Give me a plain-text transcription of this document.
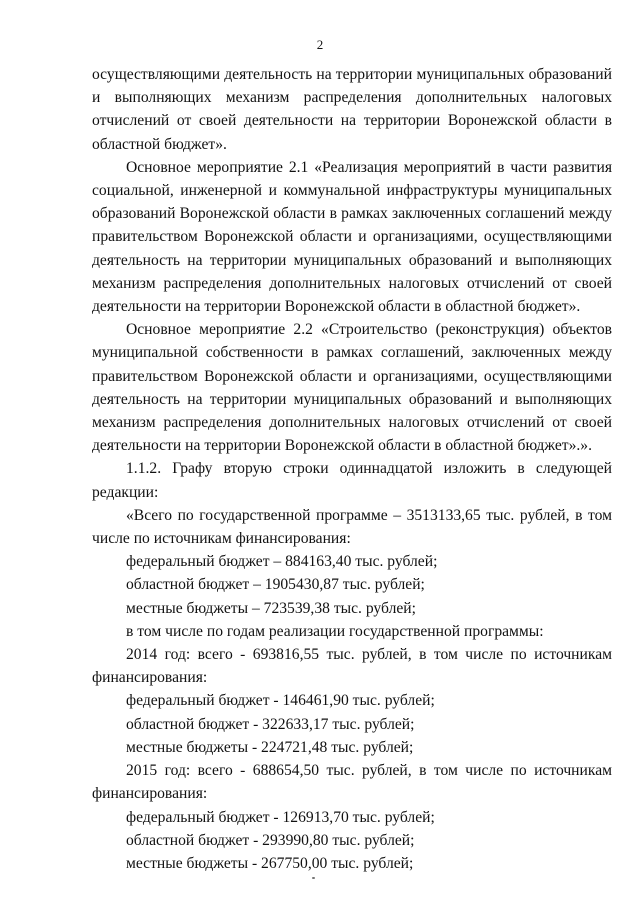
2

осуществляющими деятельность на территории муниципальных образований и выполняющих механизм распределения дополнительных налоговых отчислений от своей деятельности на территории Воронежской области в областной бюджет».

Основное мероприятие 2.1 «Реализация мероприятий в части развития социальной, инженерной и коммунальной инфраструктуры муниципальных образований Воронежской области в рамках заключенных соглашений между правительством Воронежской области и организациями, осуществляющими деятельность на территории муниципальных образований и выполняющих механизм распределения дополнительных налоговых отчислений от своей деятельности на территории Воронежской области в областной бюджет».

Основное мероприятие 2.2 «Строительство (реконструкция) объектов муниципальной собственности в рамках соглашений, заключенных между правительством Воронежской области и организациями, осуществляющими деятельность на территории муниципальных образований и выполняющих механизм распределения дополнительных налоговых отчислений от своей деятельности на территории Воронежской области в областной бюджет».».

1.1.2. Графу вторую строки одиннадцатой изложить в следующей редакции:

«Всего по государственной программе – 3513133,65 тыс. рублей, в том числе по источникам финансирования:

федеральный бюджет – 884163,40 тыс. рублей;

областной бюджет – 1905430,87 тыс. рублей;

местные бюджеты – 723539,38 тыс. рублей;

в том числе по годам реализации государственной программы:

2014 год: всего - 693816,55 тыс. рублей, в том числе по источникам финансирования:

федеральный бюджет - 146461,90 тыс. рублей;

областной бюджет - 322633,17 тыс. рублей;

местные бюджеты - 224721,48 тыс. рублей;

2015 год: всего - 688654,50 тыс. рублей, в том числе по источникам финансирования:

федеральный бюджет - 126913,70 тыс. рублей;

областной бюджет - 293990,80 тыс. рублей;

местные бюджеты - 267750,00 тыс. рублей;
